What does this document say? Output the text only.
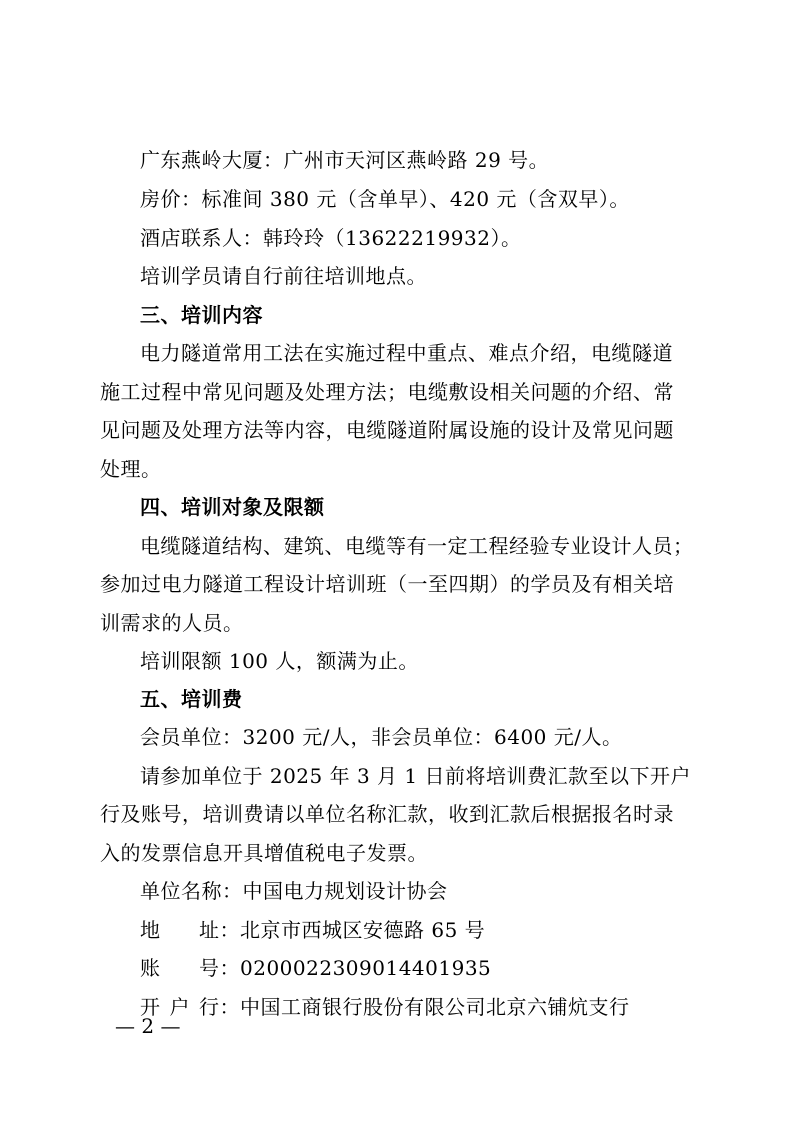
广东燕岭大厦：广州市天河区燕岭路 29 号。
房价：标准间 380 元（含单早）、420 元（含双早）。
酒店联系人：韩玲玲（13622219932）。
培训学员请自行前往培训地点。
三、培训内容
电力隧道常用工法在实施过程中重点、难点介绍，电缆隧道
施工过程中常见问题及处理方法；电缆敷设相关问题的介绍、常
见问题及处理方法等内容，电缆隧道附属设施的设计及常见问题
处理。
四、培训对象及限额
电缆隧道结构、建筑、电缆等有一定工程经验专业设计人员；
参加过电力隧道工程设计培训班（一至四期）的学员及有相关培
训需求的人员。
培训限额 100 人，额满为止。
五、培训费
会员单位：3200 元/人，非会员单位：6400 元/人。
请参加单位于 2025 年 3 月 1 日前将培训费汇款至以下开户
行及账号，培训费请以单位名称汇款，收到汇款后根据报名时录
入的发票信息开具增值税电子发票。
单位名称：中国电力规划设计协会
地 址： 北京市西城区安德路 65 号
账 号： 0200022309014401935
开 户 行： 中国工商银行股份有限公司北京六铺炕支行
— 2 —
